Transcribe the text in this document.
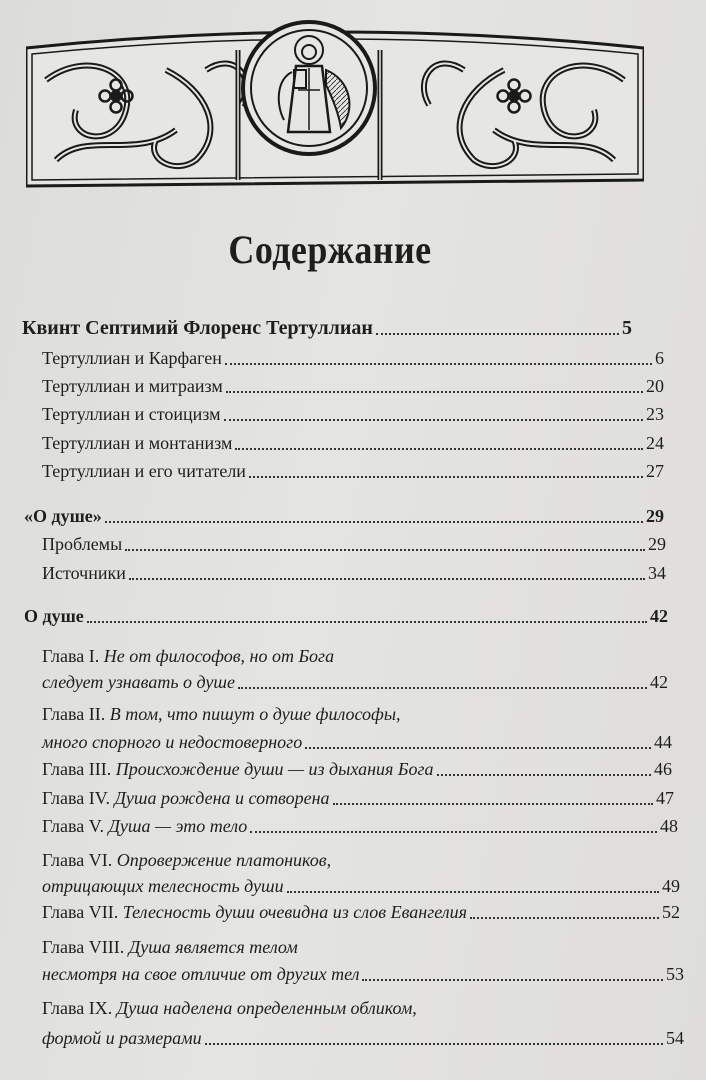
Содержание
Квинт Септимий Флоренс Тертуллиан	5
Тертуллиан и Карфаген	6
Тертуллиан и митраизм	20
Тертуллиан и стоицизм	23
Тертуллиан и монтанизм	24
Тертуллиан и его читатели	27
«О душе»	29
Проблемы	29
Источники	34
О душе	42
Глава I. Не от философов, но от Бога
следует узнавать о душе	42
Глава II. В том, что пишут о душе философы,
много спорного и недостоверного	44
Глава III. Происхождение души — из дыхания Бога	46
Глава IV. Душа рождена и сотворена	47
Глава V. Душа — это тело	48
Глава VI. Опровержение платоников,
отрицающих телесность души	49
Глава VII. Телесность души очевидна из слов Евангелия	52
Глава VIII. Душа является телом
несмотря на свое отличие от других тел	53
Глава IX. Душа наделена определенным обликом,
формой и размерами	54
